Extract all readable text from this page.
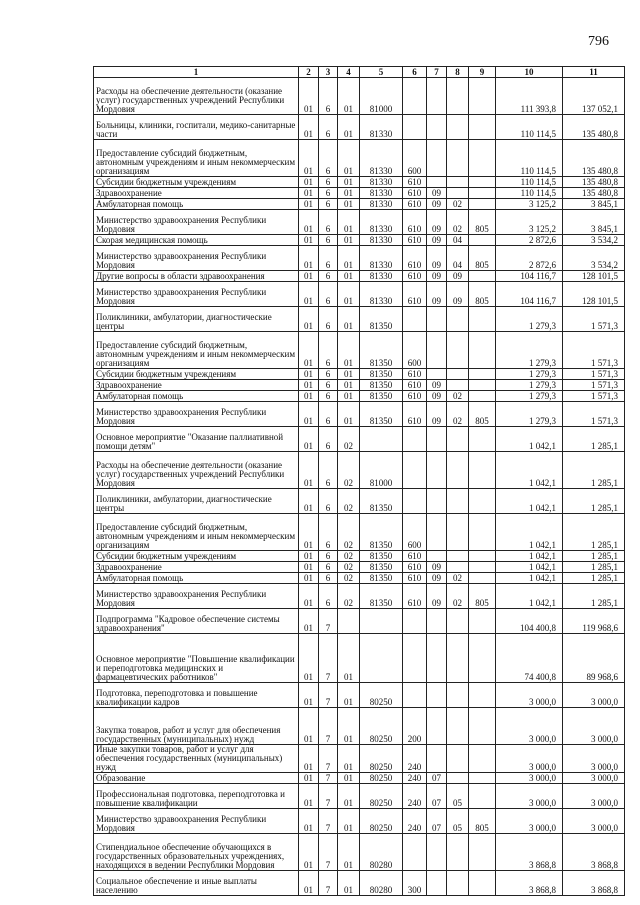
796
1	2	3	4	5	6	7	8	9	10	11
Расходы на обеспечение деятельности (оказание услуг) государственных учреждений Республики Мордовия	01	6	01	81000					111 393,8	137 052,1
Больницы, клиники, госпитали, медико-санитарные части	01	6	01	81330					110 114,5	135 480,8
Предоставление субсидий бюджетным, автономным учреждениям и иным некоммерческим организациям	01	6	01	81330	600				110 114,5	135 480,8
Субсидии бюджетным учреждениям	01	6	01	81330	610				110 114,5	135 480,8
Здравоохранение	01	6	01	81330	610	09			110 114,5	135 480,8
Амбулаторная помощь	01	6	01	81330	610	09	02		3 125,2	3 845,1
Министерство здравоохранения Республики Мордовия	01	6	01	81330	610	09	02	805	3 125,2	3 845,1
Скорая медицинская помощь	01	6	01	81330	610	09	04		2 872,6	3 534,2
Министерство здравоохранения Республики Мордовия	01	6	01	81330	610	09	04	805	2 872,6	3 534,2
Другие вопросы в области здравоохранения	01	6	01	81330	610	09	09		104 116,7	128 101,5
Министерство здравоохранения Республики Мордовия	01	6	01	81330	610	09	09	805	104 116,7	128 101,5
Поликлиники, амбулатории, диагностические центры	01	6	01	81350					1 279,3	1 571,3
Предоставление субсидий бюджетным, автономным учреждениям и иным некоммерческим организациям	01	6	01	81350	600				1 279,3	1 571,3
Субсидии бюджетным учреждениям	01	6	01	81350	610				1 279,3	1 571,3
Здравоохранение	01	6	01	81350	610	09			1 279,3	1 571,3
Амбулаторная помощь	01	6	01	81350	610	09	02		1 279,3	1 571,3
Министерство здравоохранения Республики Мордовия	01	6	01	81350	610	09	02	805	1 279,3	1 571,3
Основное мероприятие "Оказание паллиативной помощи детям"	01	6	02						1 042,1	1 285,1
Расходы на обеспечение деятельности (оказание услуг) государственных учреждений Республики Мордовия	01	6	02	81000					1 042,1	1 285,1
Поликлиники, амбулатории, диагностические центры	01	6	02	81350					1 042,1	1 285,1
Предоставление субсидий бюджетным, автономным учреждениям и иным некоммерческим организациям	01	6	02	81350	600				1 042,1	1 285,1
Субсидии бюджетным учреждениям	01	6	02	81350	610				1 042,1	1 285,1
Здравоохранение	01	6	02	81350	610	09			1 042,1	1 285,1
Амбулаторная помощь	01	6	02	81350	610	09	02		1 042,1	1 285,1
Министерство здравоохранения Республики Мордовия	01	6	02	81350	610	09	02	805	1 042,1	1 285,1
Подпрограмма "Кадровое обеспечение системы здравоохранения"	01	7							104 400,8	119 968,6
Основное мероприятие "Повышение квалификации и переподготовка медицинских и фармацевтических работников"	01	7	01						74 400,8	89 968,6
Подготовка, переподготовка и повышение квалификации кадров	01	7	01	80250					3 000,0	3 000,0
Закупка товаров, работ и услуг для обеспечения государственных (муниципальных) нужд	01	7	01	80250	200				3 000,0	3 000,0
Иные закупки товаров, работ и услуг для обеспечения государственных (муниципальных) нужд	01	7	01	80250	240				3 000,0	3 000,0
Образование	01	7	01	80250	240	07			3 000,0	3 000,0
Профессиональная подготовка, переподготовка и повышение квалификации	01	7	01	80250	240	07	05		3 000,0	3 000,0
Министерство здравоохранения Республики Мордовия	01	7	01	80250	240	07	05	805	3 000,0	3 000,0
Стипендиальное обеспечение обучающихся в государственных образовательных учреждениях, находящихся в ведении Республики Мордовия	01	7	01	80280					3 868,8	3 868,8
Социальное обеспечение и иные выплаты населению	01	7	01	80280	300				3 868,8	3 868,8
